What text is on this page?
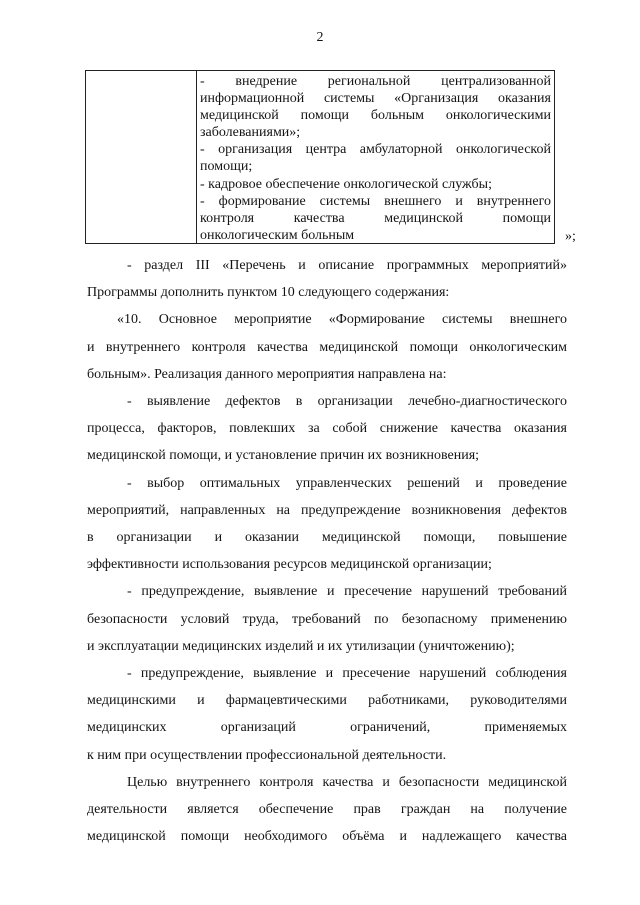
2
- внедрение региональной централизованной
информационной системы «Организация оказания
медицинской помощи больным онкологическими
заболеваниями»;
- организация центра амбулаторной онкологической
помощи;
- кадровое обеспечение онкологической службы;
- формирование системы внешнего и внутреннего
контроля качества медицинской помощи
онкологическим больным	»;
- раздел III «Перечень и описание программных мероприятий»
Программы дополнить пунктом 10 следующего содержания:
«10. Основное мероприятие «Формирование системы внешнего
и внутреннего контроля качества медицинской помощи онкологическим
больным». Реализация данного мероприятия направлена на:
- выявление дефектов в организации лечебно-диагностического
процесса, факторов, повлекших за собой снижение качества оказания
медицинской помощи, и установление причин их возникновения;
- выбор оптимальных управленческих решений и проведение
мероприятий, направленных на предупреждение возникновения дефектов
в организации и оказании медицинской помощи, повышение
эффективности использования ресурсов медицинской организации;
- предупреждение, выявление и пресечение нарушений требований
безопасности условий труда, требований по безопасному применению
и эксплуатации медицинских изделий и их утилизации (уничтожению);
- предупреждение, выявление и пресечение нарушений соблюдения
медицинскими и фармацевтическими работниками, руководителями
медицинских организаций ограничений, применяемых
к ним при осуществлении профессиональной деятельности.
Целью внутреннего контроля качества и безопасности медицинской
деятельности является обеспечение прав граждан на получение
медицинской помощи необходимого объёма и надлежащего качества
